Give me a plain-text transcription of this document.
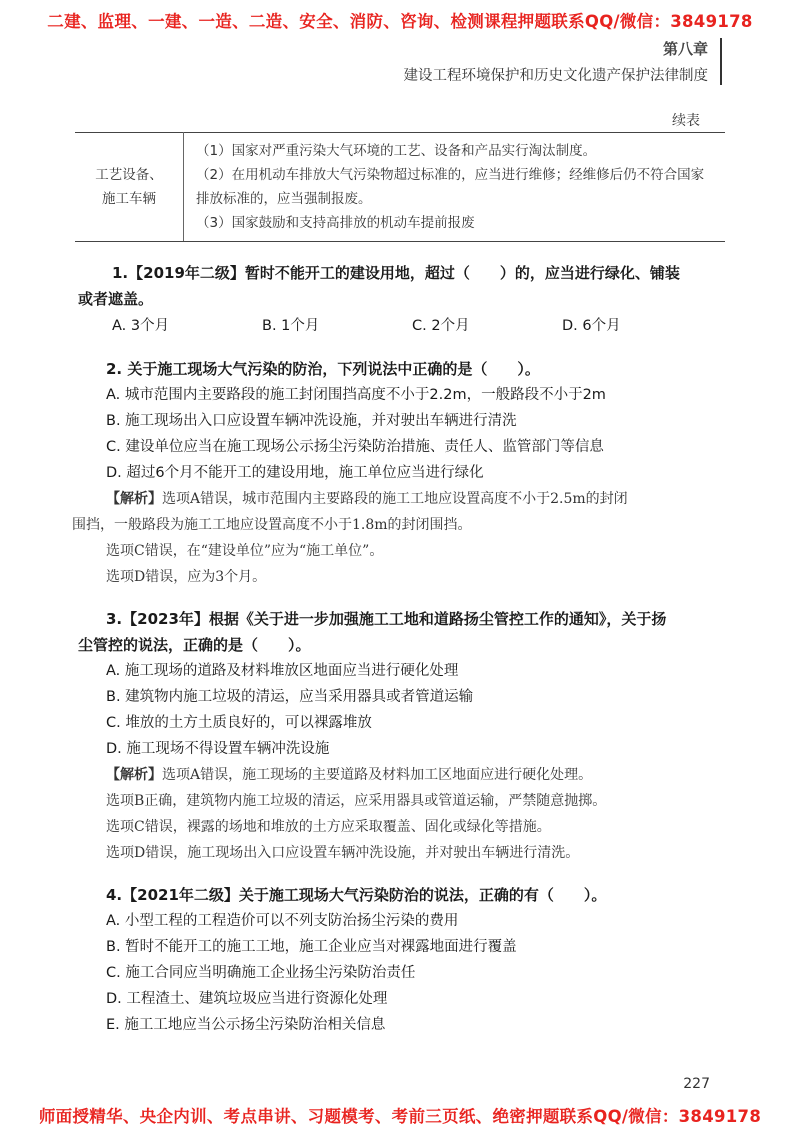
二建、监理、一建、一造、二造、安全、消防、咨询、检测课程押题联系QQ/微信：3849178
第八章
建设工程环境保护和历史文化遗产保护法律制度
续表
工艺设备、
施工车辆

（1）国家对严重污染大气环境的工艺、设备和产品实行淘汰制度。
（2）在用机动车排放大气污染物超过标准的，应当进行维修；经维修后仍不符合国家排放标准的，应当强制报废。
（3）国家鼓励和支持高排放的机动车提前报废
1.【2019年二级】暂时不能开工的建设用地，超过（　　）的，应当进行绿化、铺装
或者遮盖。
A. 3个月	B. 1个月	C. 2个月	D. 6个月
2. 关于施工现场大气污染的防治，下列说法中正确的是（　　）。
A. 城市范围内主要路段的施工封闭围挡高度不小于2.2m，一般路段不小于2m
B. 施工现场出入口应设置车辆冲洗设施，并对驶出车辆进行清洗
C. 建设单位应当在施工现场公示扬尘污染防治措施、责任人、监管部门等信息
D. 超过6个月不能开工的建设用地，施工单位应当进行绿化
【解析】选项A错误，城市范围内主要路段的施工工地应设置高度不小于2.5m的封闭
围挡，一般路段为施工工地应设置高度不小于1.8m的封闭围挡。
选项C错误，在“建设单位”应为“施工单位”。
选项D错误，应为3个月。
3.【2023年】根据《关于进一步加强施工工地和道路扬尘管控工作的通知》，关于扬
尘管控的说法，正确的是（　　）。
A. 施工现场的道路及材料堆放区地面应当进行硬化处理
B. 建筑物内施工垃圾的清运，应当采用器具或者管道运输
C. 堆放的土方土质良好的，可以裸露堆放
D. 施工现场不得设置车辆冲洗设施
【解析】选项A错误，施工现场的主要道路及材料加工区地面应进行硬化处理。
选项B正确，建筑物内施工垃圾的清运，应采用器具或管道运输，严禁随意抛掷。
选项C错误，裸露的场地和堆放的土方应采取覆盖、固化或绿化等措施。
选项D错误，施工现场出入口应设置车辆冲洗设施，并对驶出车辆进行清洗。
4.【2021年二级】关于施工现场大气污染防治的说法，正确的有（　　）。
A. 小型工程的工程造价可以不列支防治扬尘污染的费用
B. 暂时不能开工的施工工地，施工企业应当对裸露地面进行覆盖
C. 施工合同应当明确施工企业扬尘污染防治责任
D. 工程渣土、建筑垃圾应当进行资源化处理
E. 施工工地应当公示扬尘污染防治相关信息
227
师面授精华、央企内训、考点串讲、习题模考、考前三页纸、绝密押题联系QQ/微信：3849178
